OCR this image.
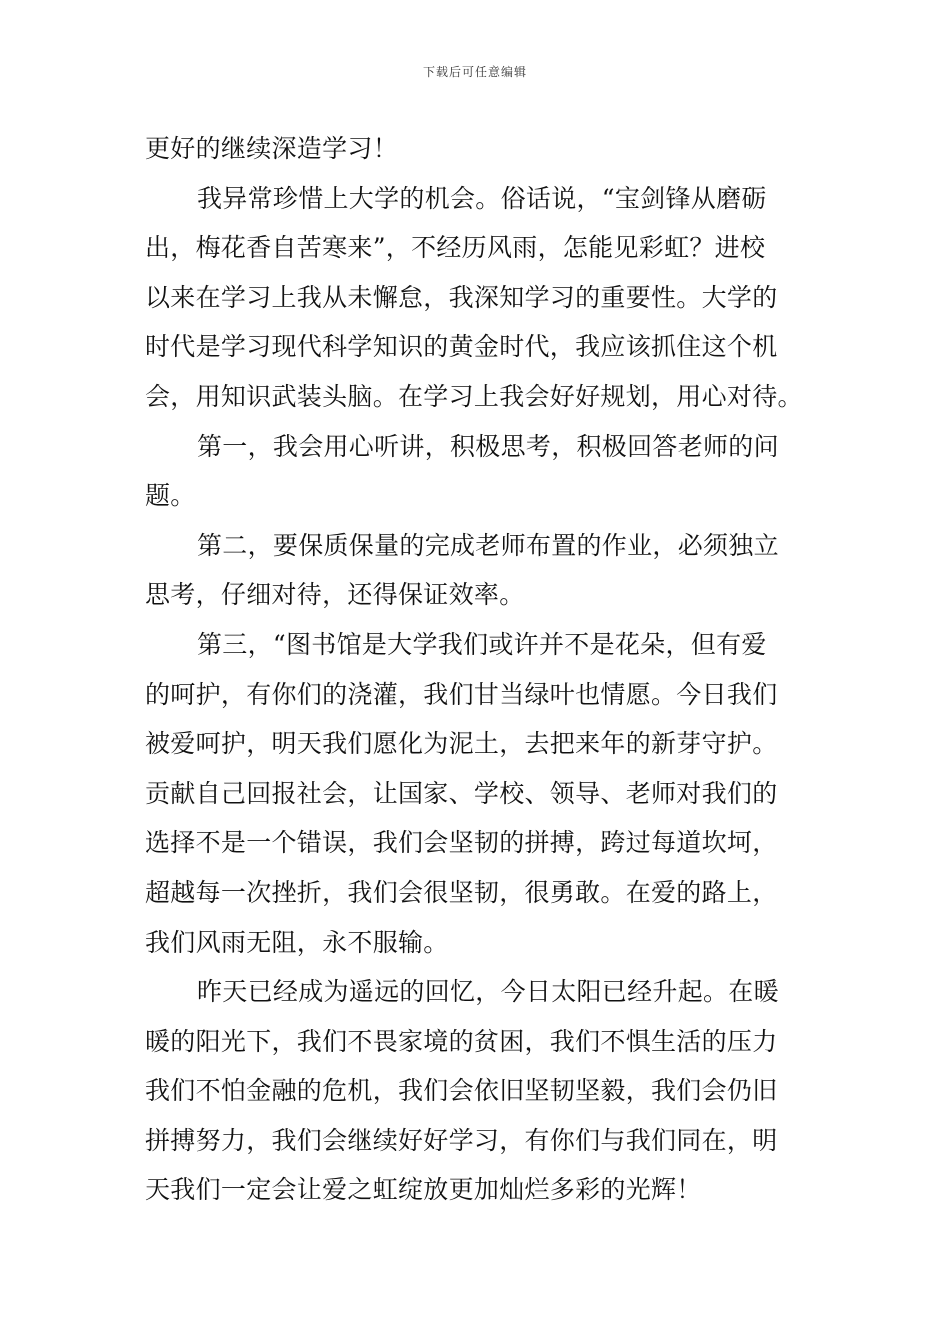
下载后可任意编辑
更好的继续深造学习！
我异常珍惜上大学的机会。俗话说，“宝剑锋从磨砺
出，梅花香自苦寒来”，不经历风雨，怎能见彩虹？进校
以来在学习上我从未懈怠，我深知学习的重要性。大学的
时代是学习现代科学知识的黄金时代，我应该抓住这个机
会，用知识武装头脑。在学习上我会好好规划，用心对待。
第一，我会用心听讲，积极思考，积极回答老师的问
题。
第二，要保质保量的完成老师布置的作业，必须独立
思考，仔细对待，还得保证效率。
第三，“图书馆是大学我们或许并不是花朵，但有爱
的呵护，有你们的浇灌，我们甘当绿叶也情愿。今日我们
被爱呵护，明天我们愿化为泥土，去把来年的新芽守护。
贡献自己回报社会，让国家、学校、领导、老师对我们的
选择不是一个错误，我们会坚韧的拼搏，跨过每道坎坷，
超越每一次挫折，我们会很坚韧，很勇敢。在爱的路上，
我们风雨无阻，永不服输。
昨天已经成为遥远的回忆，今日太阳已经升起。在暖
暖的阳光下，我们不畏家境的贫困，我们不惧生活的压力
我们不怕金融的危机，我们会依旧坚韧坚毅，我们会仍旧
拼搏努力，我们会继续好好学习，有你们与我们同在，明
天我们一定会让爱之虹绽放更加灿烂多彩的光辉！
